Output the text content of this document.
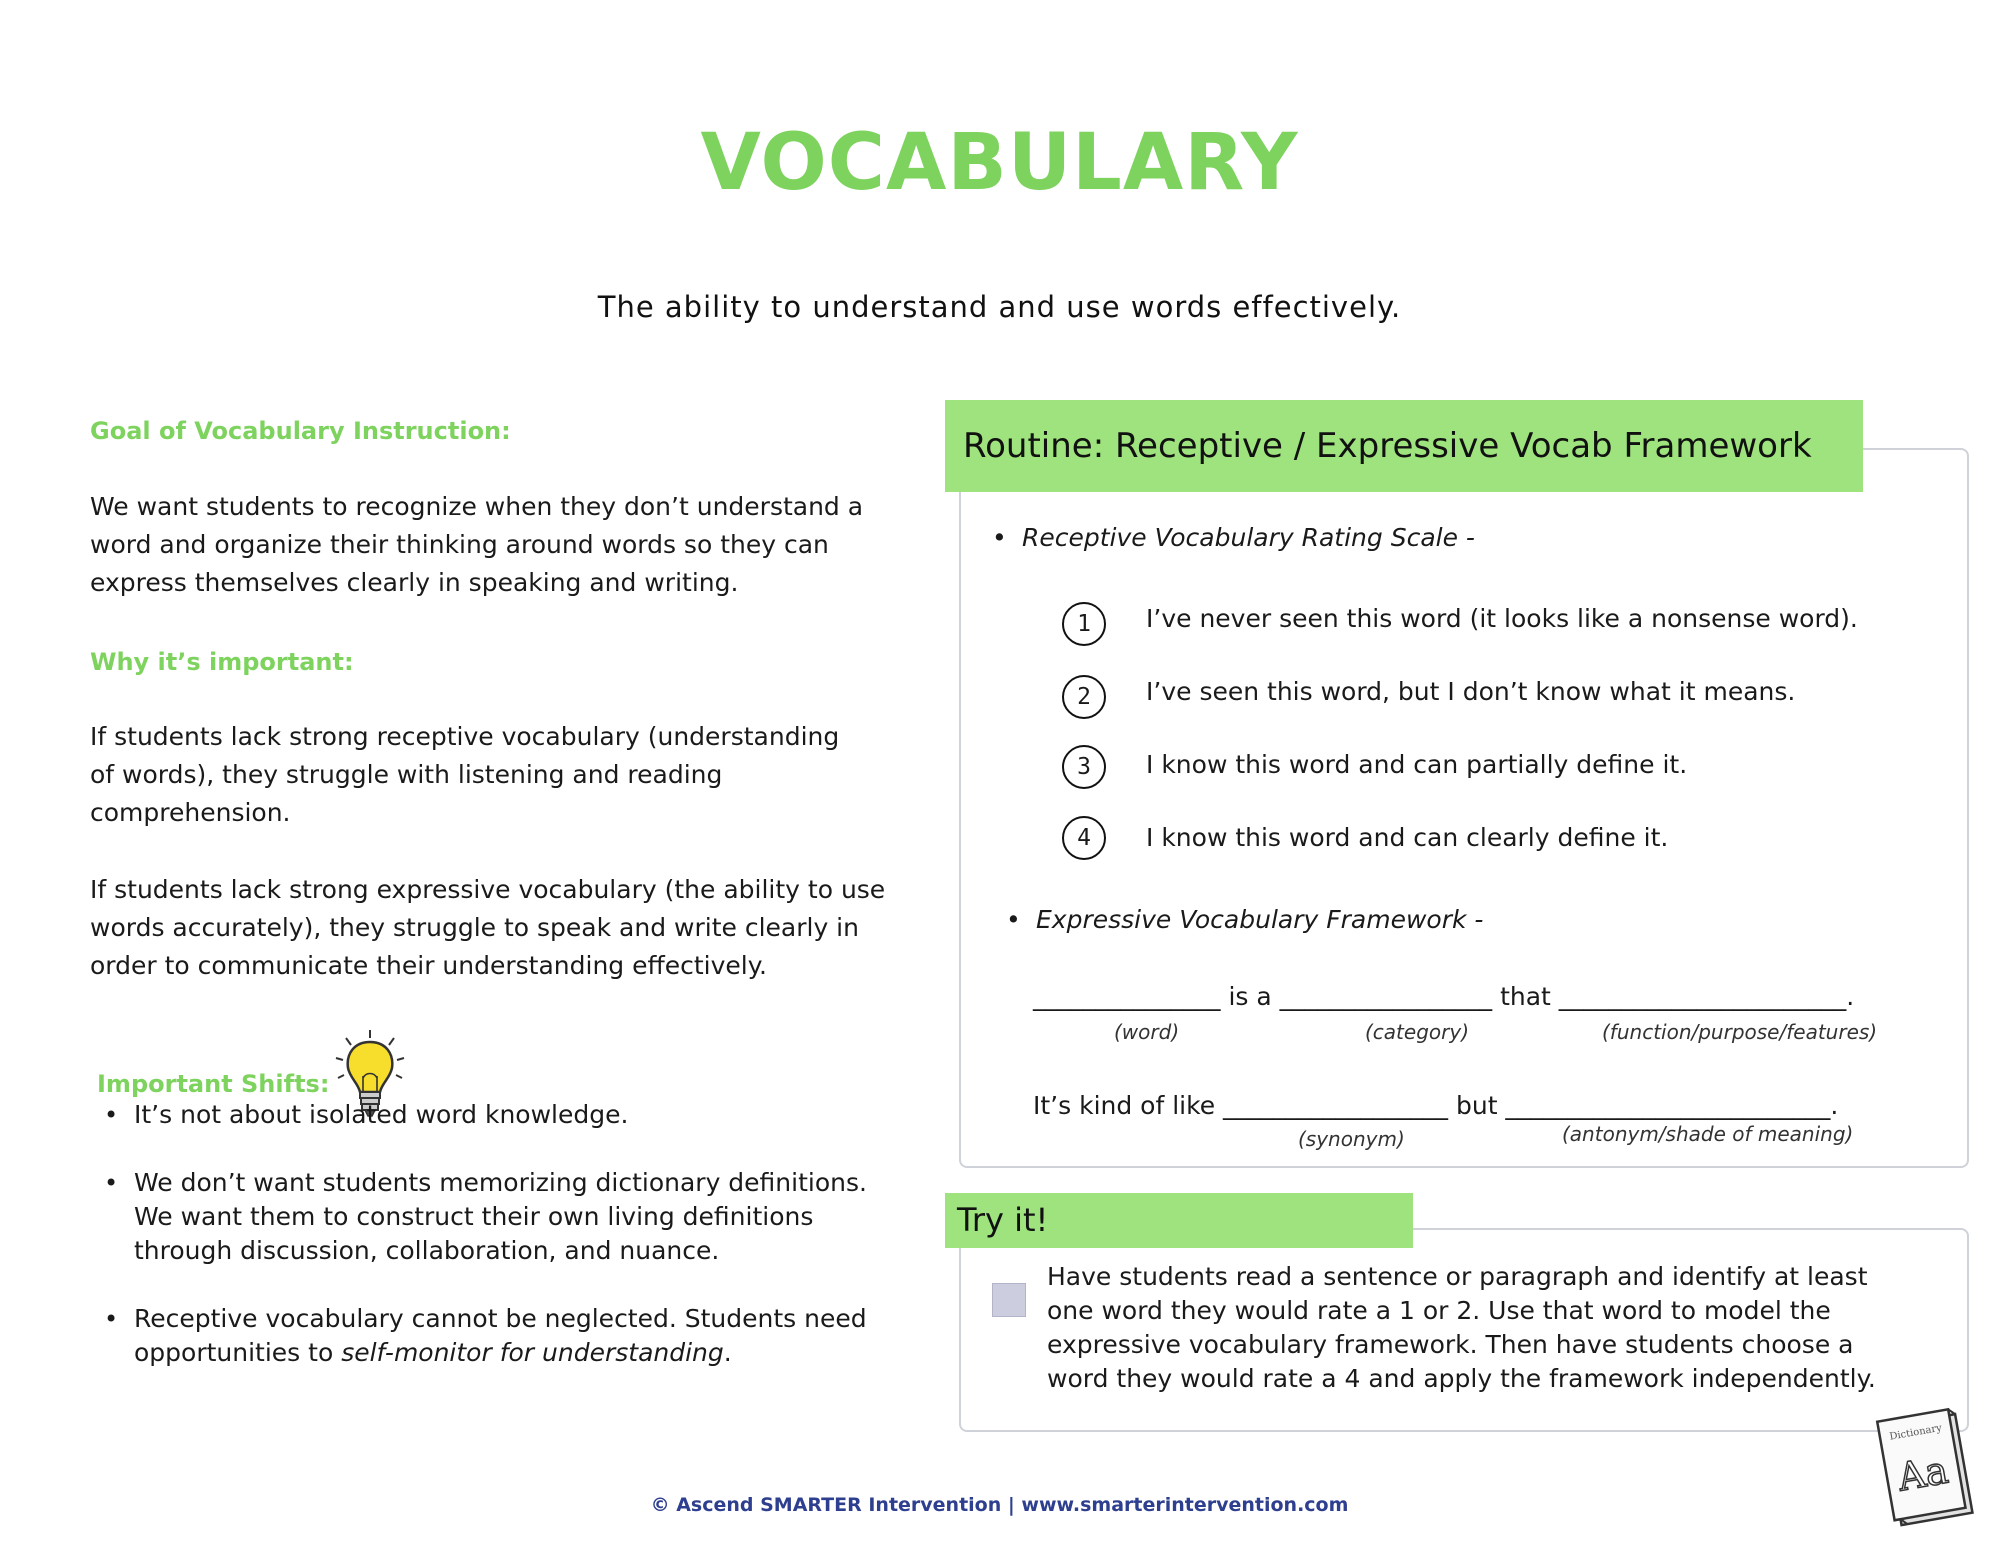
VOCABULARY

The ability to understand and use words effectively.

Goal of Vocabulary Instruction:

We want students to recognize when they don’t understand a word and organize their thinking around words so they can express themselves clearly in speaking and writing.

Why it’s important:

If students lack strong receptive vocabulary (understanding of words), they struggle with listening and reading comprehension.

If students lack strong expressive vocabulary (the ability to use words accurately), they struggle to speak and write clearly in order to communicate their understanding effectively.

Important Shifts:

• It’s not about isolated word knowledge.
• We don’t want students memorizing dictionary definitions. We want them to construct their own living definitions through discussion, collaboration, and nuance.
• Receptive vocabulary cannot be neglected. Students need opportunities to self-monitor for understanding.
Routine: Receptive / Expressive Vocab Framework

• Receptive Vocabulary Rating Scale -

1	I’ve never seen this word (it looks like a nonsense word).

2	I’ve seen this word, but I don’t know what it means.

3	I know this word and can partially define it.

4	I know this word and can clearly define it.

• Expressive Vocabulary Framework -

_______________ is a _________________ that _______________________.

(word)	(category)	(function/purpose/features)

It’s kind of like __________________ but __________________________.

(synonym)	(antonym/shade of meaning)

Try it!

Have students read a sentence or paragraph and identify at least one word they would rate a 1 or 2. Use that word to model the expressive vocabulary framework. Then have students choose a word they would rate a 4 and apply the framework independently.

Dictionary
Aa

© Ascend SMARTER Intervention | www.smarterintervention.com
